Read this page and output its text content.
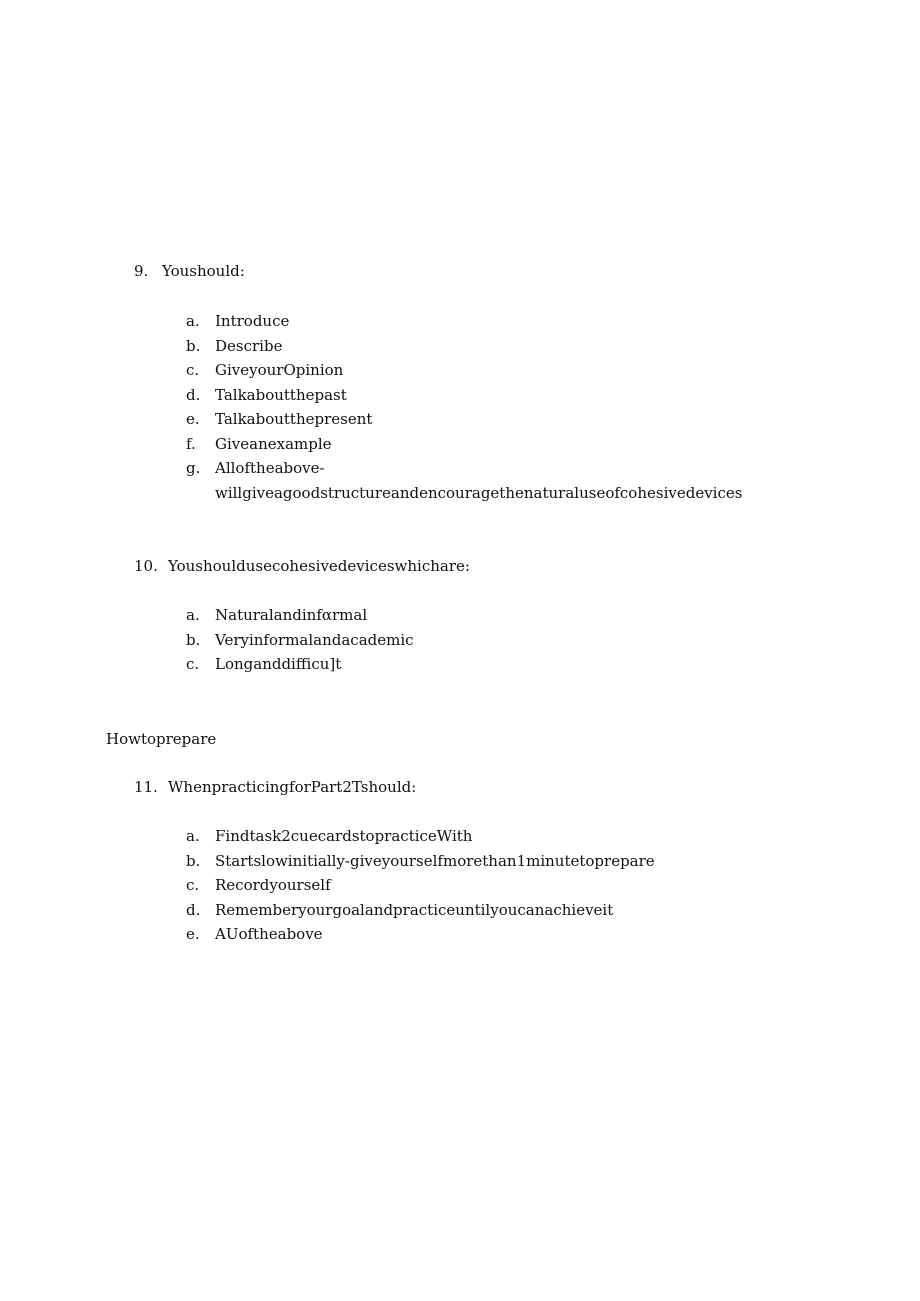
9. Youshould:
a. Introduce
b. Describe
c. GiveyourOpinion
d. Talkaboutthepast
e. Talkaboutthepresent
f. Giveanexample
g. Alloftheabove-willgiveagoodstructureandencouragethenaturaluseofcohesivedevices
10. Youshouldusecohesivedeviceswhichare:
a. Naturalandinfαrmal
b. Veryinformalandacademic
c. Longanddifficu]t
Howtoprepare
11. WhenpracticingforPart2Tshould:
a. Findtask2cuecardstopracticeWith
b. Startslowinitially-giveyourselfmorethan1minutetoprepare
c. Recordyourself
d. Rememberyourgoalandpracticeuntilyoucanachieveit
e. AUoftheabove
